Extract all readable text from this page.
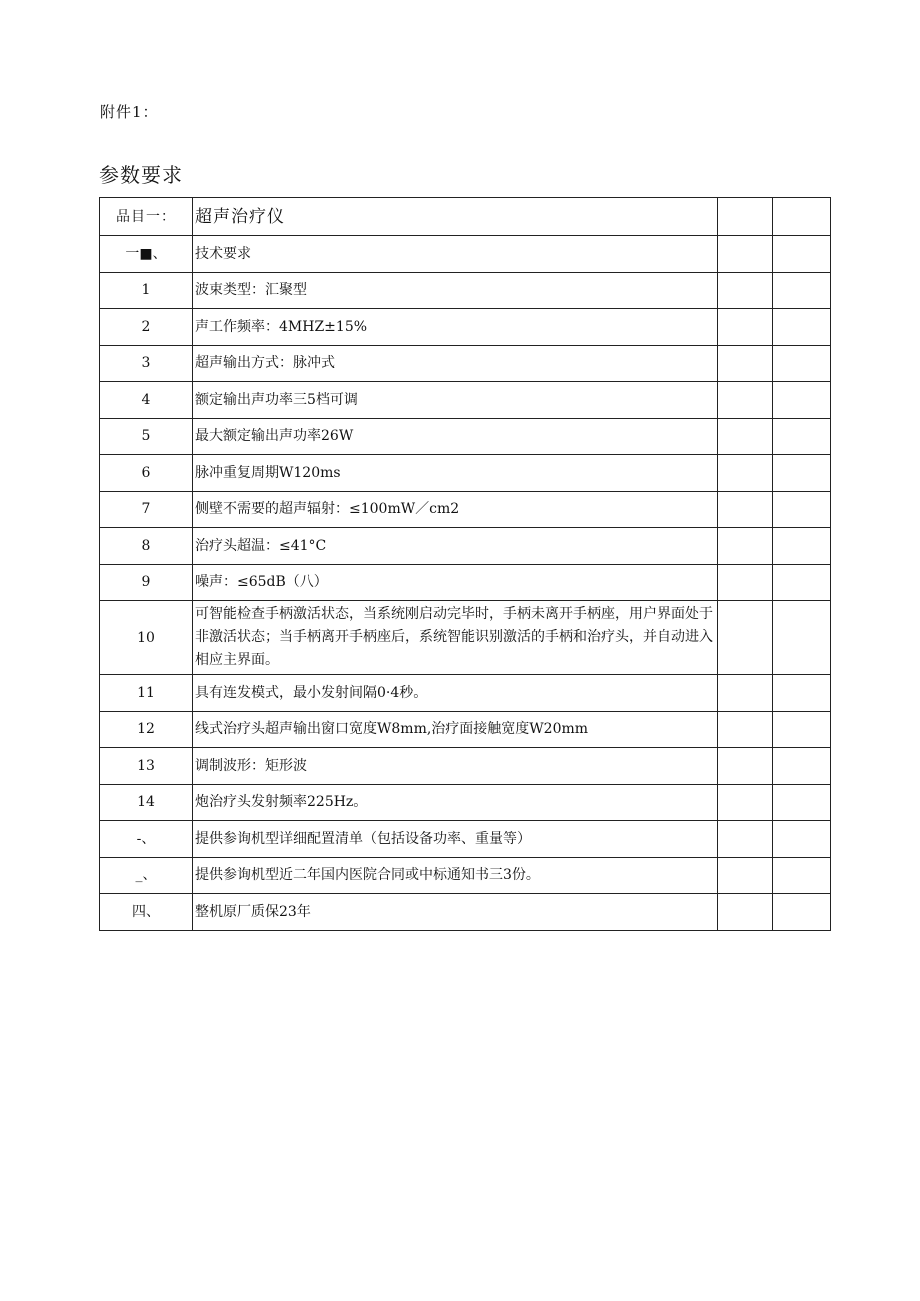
附件1：
参数要求
品目一：	超声治疗仪		
一■、	技术要求		
1	波束类型：汇聚型		
2	声工作频率：4MHZ±15%		
3	超声输出方式：脉冲式		
4	额定输出声功率三5档可调		
5	最大额定输出声功率26W		
6	脉冲重复周期W120ms		
7	侧壁不需要的超声辐射：≤100mW／cm2		
8	治疗头超温：≤41°C		
9	噪声：≤65dB（八）		
10	可智能检查手柄激活状态，当系统刚启动完毕时，手柄未离开手柄座，用户界面处于非激活状态；当手柄离开手柄座后，系统智能识别激活的手柄和治疗头，并自动进入相应主界面。		
11	具有连发模式，最小发射间隔0·4秒。		
12	线式治疗头超声输出窗口宽度W8mm,治疗面接触宽度W20mm		
13	调制波形：矩形波		
14	炮治疗头发射频率225Hz。		
-、	提供参询机型详细配置清单（包括设备功率、重量等）		
_、	提供参询机型近二年国内医院合同或中标通知书三3份。		
四、	整机原厂质保23年		
